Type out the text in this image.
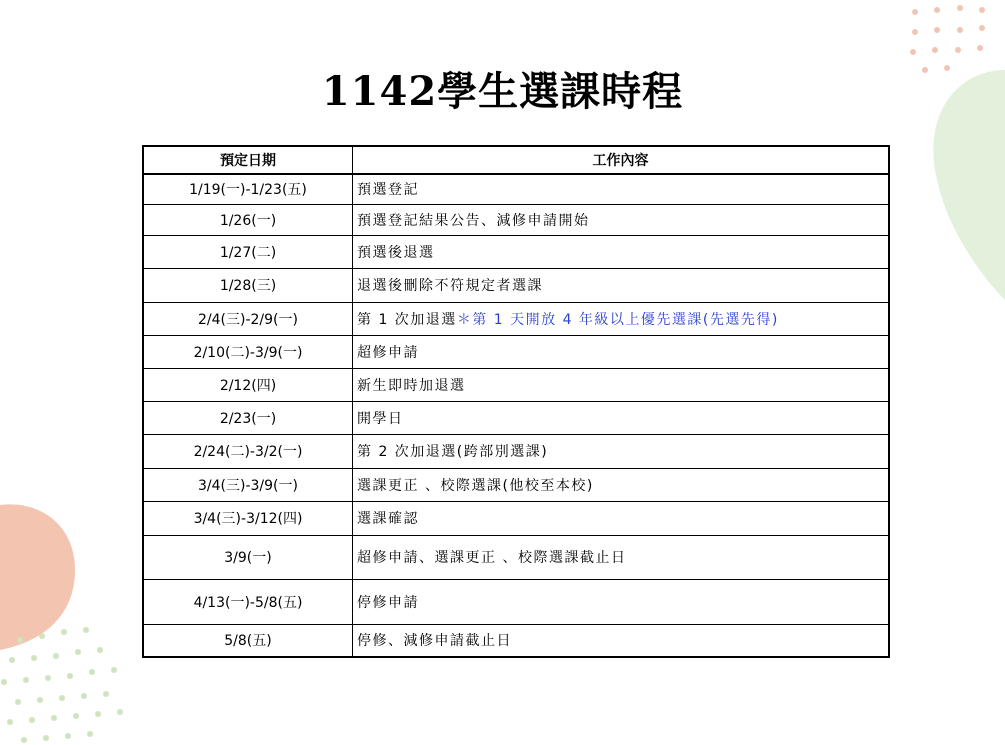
1142學生選課時程
預定日期	工作內容
1/19(一)-1/23(五)	預選登記
1/26(一)	預選登記結果公告、減修申請開始
1/27(二)	預選後退選
1/28(三)	退選後刪除不符規定者選課
2/4(三)-2/9(一)	第 1 次加退選＊第 1 天開放 4 年級以上優先選課(先選先得)
2/10(二)-3/9(一)	超修申請
2/12(四)	新生即時加退選
2/23(一)	開學日
2/24(二)-3/2(一)	第 2 次加退選(跨部別選課)
3/4(三)-3/9(一)	選課更正 、校際選課(他校至本校)
3/4(三)-3/12(四)	選課確認
3/9(一)	超修申請、選課更正 、校際選課截止日
4/13(一)-5/8(五)	停修申請
5/8(五)	停修、減修申請截止日
